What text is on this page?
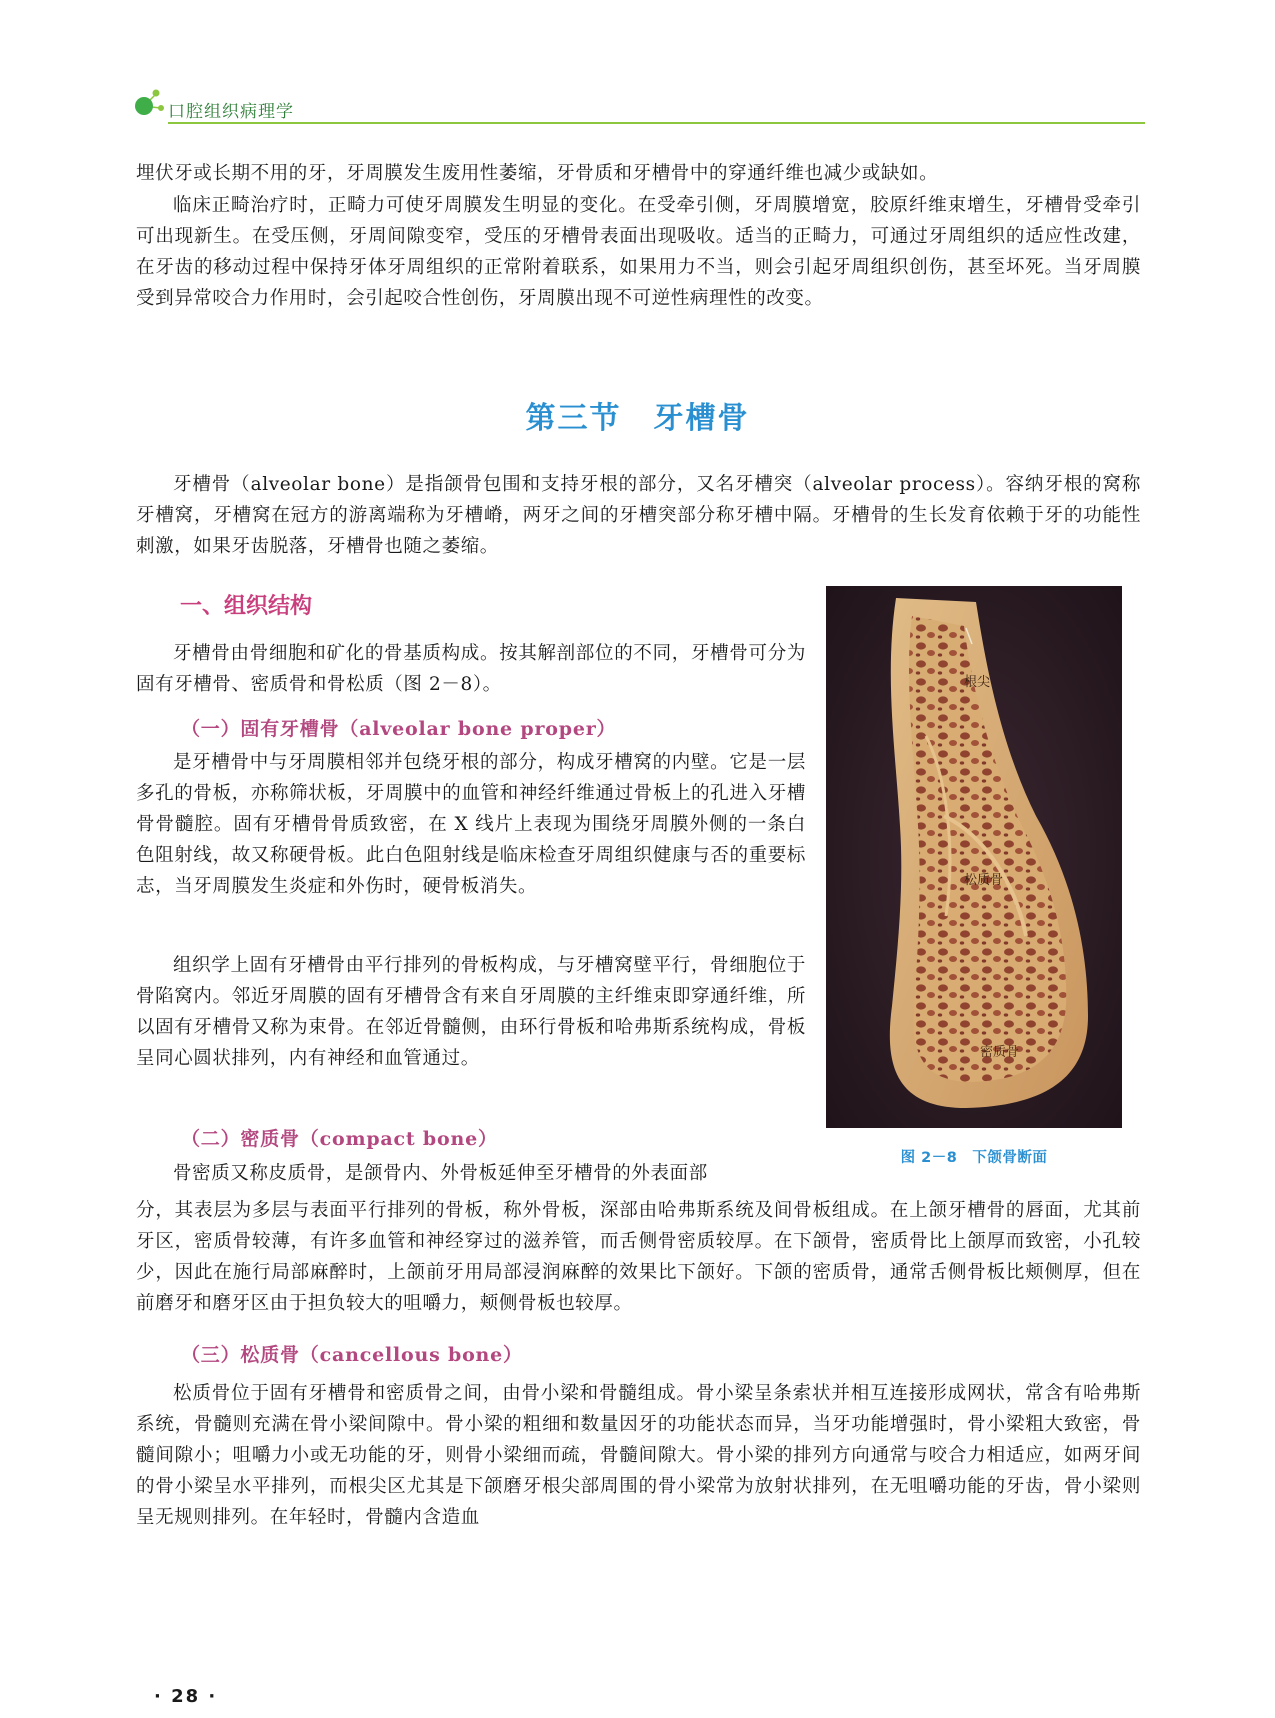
口腔组织病理学

埋伏牙或长期不用的牙，牙周膜发生废用性萎缩，牙骨质和牙槽骨中的穿通纤维也减少或缺如。

临床正畸治疗时，正畸力可使牙周膜发生明显的变化。在受牵引侧，牙周膜增宽，胶原纤维束增生，牙槽骨受牵引可出现新生。在受压侧，牙周间隙变窄，受压的牙槽骨表面出现吸收。适当的正畸力，可通过牙周组织的适应性改建，在牙齿的移动过程中保持牙体牙周组织的正常附着联系，如果用力不当，则会引起牙周组织创伤，甚至坏死。当牙周膜受到异常咬合力作用时，会引起咬合性创伤，牙周膜出现不可逆性病理性的改变。

第三节　牙槽骨

牙槽骨（alveolar bone）是指颌骨包围和支持牙根的部分，又名牙槽突（alveolar process）。容纳牙根的窝称牙槽窝，牙槽窝在冠方的游离端称为牙槽嵴，两牙之间的牙槽突部分称牙槽中隔。牙槽骨的生长发育依赖于牙的功能性刺激，如果牙齿脱落，牙槽骨也随之萎缩。

一、组织结构

牙槽骨由骨细胞和矿化的骨基质构成。按其解剖部位的不同，牙槽骨可分为固有牙槽骨、密质骨和骨松质（图 2－8）。

（一）固有牙槽骨（alveolar bone proper）

是牙槽骨中与牙周膜相邻并包绕牙根的部分，构成牙槽窝的内壁。它是一层多孔的骨板，亦称筛状板，牙周膜中的血管和神经纤维通过骨板上的孔进入牙槽骨骨髓腔。固有牙槽骨骨质致密，在 X 线片上表现为围绕牙周膜外侧的一条白色阻射线，故又称硬骨板。此白色阻射线是临床检查牙周组织健康与否的重要标志，当牙周膜发生炎症和外伤时，硬骨板消失。

组织学上固有牙槽骨由平行排列的骨板构成，与牙槽窝壁平行，骨细胞位于骨陷窝内。邻近牙周膜的固有牙槽骨含有来自牙周膜的主纤维束即穿通纤维，所以固有牙槽骨又称为束骨。在邻近骨髓侧，由环行骨板和哈弗斯系统构成，骨板呈同心圆状排列，内有神经和血管通过。

（二）密质骨（compact bone）

骨密质又称皮质骨，是颌骨内、外骨板延伸至牙槽骨的外表面部

分，其表层为多层与表面平行排列的骨板，称外骨板，深部由哈弗斯系统及间骨板组成。在上颌牙槽骨的唇面，尤其前牙区，密质骨较薄，有许多血管和神经穿过的滋养管，而舌侧骨密质较厚。在下颌骨，密质骨比上颌厚而致密，小孔较少，因此在施行局部麻醉时，上颌前牙用局部浸润麻醉的效果比下颌好。下颌的密质骨，通常舌侧骨板比颊侧厚，但在前磨牙和磨牙区由于担负较大的咀嚼力，颊侧骨板也较厚。

（三）松质骨（cancellous bone）

松质骨位于固有牙槽骨和密质骨之间，由骨小梁和骨髓组成。骨小梁呈条索状并相互连接形成网状，常含有哈弗斯系统，骨髓则充满在骨小梁间隙中。骨小梁的粗细和数量因牙的功能状态而异，当牙功能增强时，骨小梁粗大致密，骨髓间隙小；咀嚼力小或无功能的牙，则骨小梁细而疏，骨髓间隙大。骨小梁的排列方向通常与咬合力相适应，如两牙间的骨小梁呈水平排列，而根尖区尤其是下颌磨牙根尖部周围的骨小梁常为放射状排列，在无咀嚼功能的牙齿，骨小梁则呈无规则排列。在年轻时，骨髓内含造血

根尖
松质骨
密质骨
图 2－8　下颌骨断面
· 28 ·
